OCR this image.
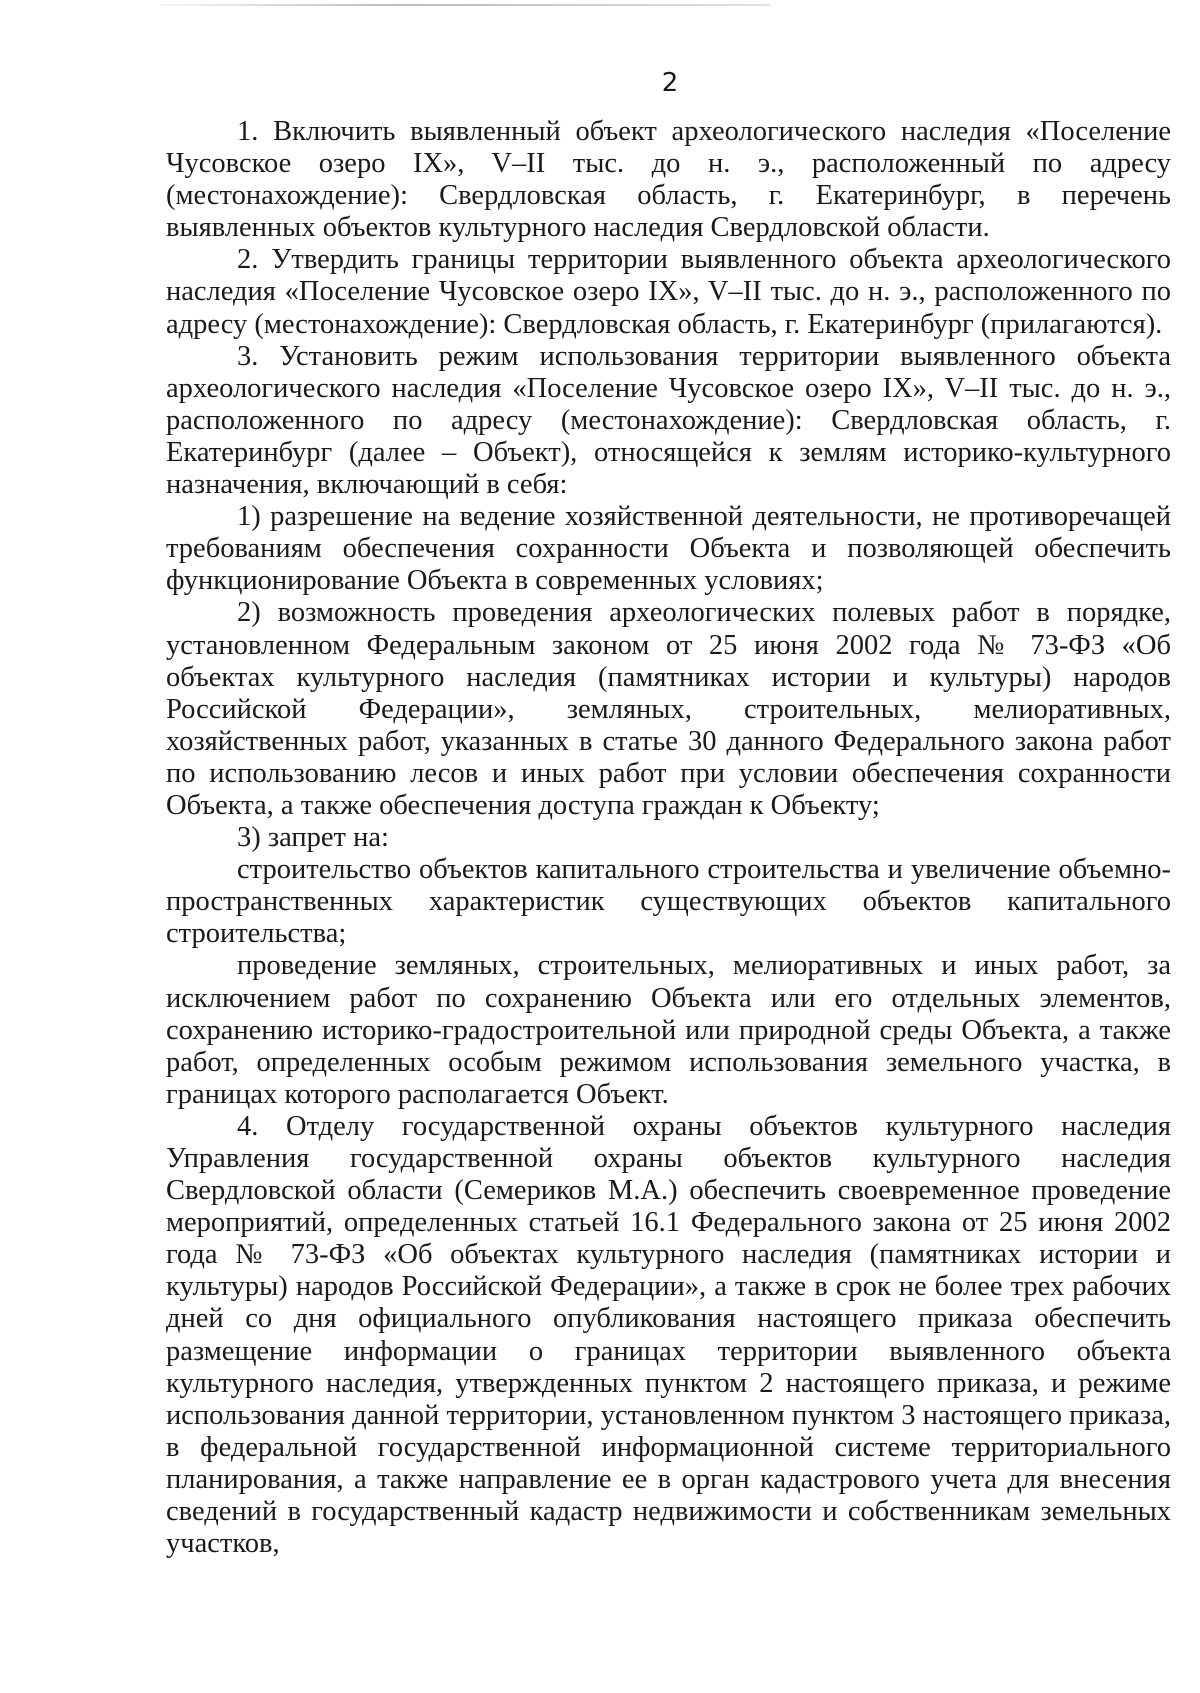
2

1. Включить выявленный объект археологического наследия «Поселение Чусовское озеро IX», V–II тыс. до н. э., расположенный по адресу (местонахождение): Свердловская область, г. Екатеринбург, в перечень выявленных объектов культурного наследия Свердловской области.

2. Утвердить границы территории выявленного объекта археологического наследия «Поселение Чусовское озеро IX», V–II тыс. до н. э., расположенного по адресу (местонахождение): Свердловская область, г. Екатеринбург (прилагаются).

3. Установить режим использования территории выявленного объекта археологического наследия «Поселение Чусовское озеро IX», V–II тыс. до н. э., расположенного по адресу (местонахождение): Свердловская область, г. Екатеринбург (далее – Объект), относящейся к землям историко-культурного назначения, включающий в себя:

1) разрешение на ведение хозяйственной деятельности, не противоречащей требованиям обеспечения сохранности Объекта и позволяющей обеспечить функционирование Объекта в современных условиях;

2) возможность проведения археологических полевых работ в порядке, установленном Федеральным законом от 25 июня 2002 года № 73-ФЗ «Об объектах культурного наследия (памятниках истории и культуры) народов Российской Федерации», земляных, строительных, мелиоративных, хозяйственных работ, указанных в статье 30 данного Федерального закона работ по использованию лесов и иных работ при условии обеспечения сохранности Объекта, а также обеспечения доступа граждан к Объекту;

3) запрет на:

строительство объектов капитального строительства и увеличение объемно-пространственных характеристик существующих объектов капитального строительства;

проведение земляных, строительных, мелиоративных и иных работ, за исключением работ по сохранению Объекта или его отдельных элементов, сохранению историко-градостроительной или природной среды Объекта, а также работ, определенных особым режимом использования земельного участка, в границах которого располагается Объект.

4. Отделу государственной охраны объектов культурного наследия Управления государственной охраны объектов культурного наследия Свердловской области (Семериков М.А.) обеспечить своевременное проведение мероприятий, определенных статьей 16.1 Федерального закона от 25 июня 2002 года № 73-ФЗ «Об объектах культурного наследия (памятниках истории и культуры) народов Российской Федерации», а также в срок не более трех рабочих дней со дня официального опубликования настоящего приказа обеспечить размещение информации о границах территории выявленного объекта культурного наследия, утвержденных пунктом 2 настоящего приказа, и режиме использования данной территории, установленном пунктом 3 настоящего приказа, в федеральной государственной информационной системе территориального планирования, а также направление ее в орган кадастрового учета для внесения сведений в государственный кадастр недвижимости и собственникам земельных участков,
